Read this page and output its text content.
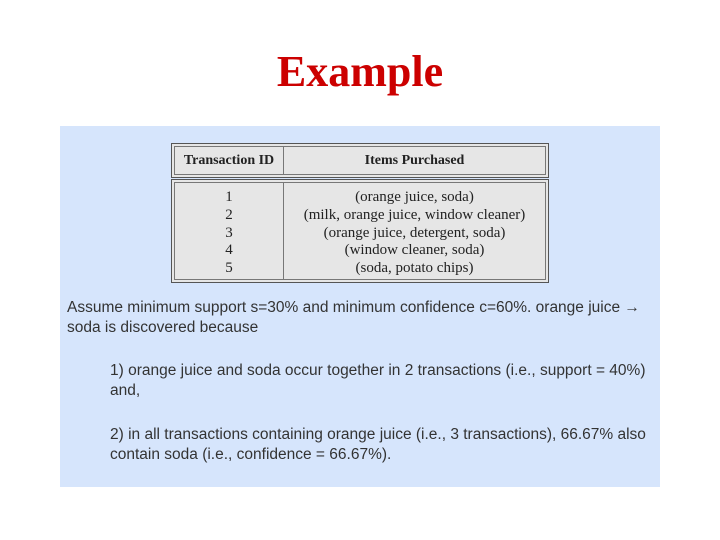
Example
Transaction ID	Items Purchased
1	(orange juice, soda)
2	(milk, orange juice, window cleaner)
3	(orange juice, detergent, soda)
4	(window cleaner, soda)
5	(soda, potato chips)
Assume minimum support s=30% and minimum confidence c=60%. orange juice → soda is discovered because
1) orange juice and soda occur together in 2 transactions (i.e., support = 40%) and,
2) in all transactions containing orange juice (i.e., 3 transactions), 66.67% also contain soda (i.e., confidence = 66.67%).
